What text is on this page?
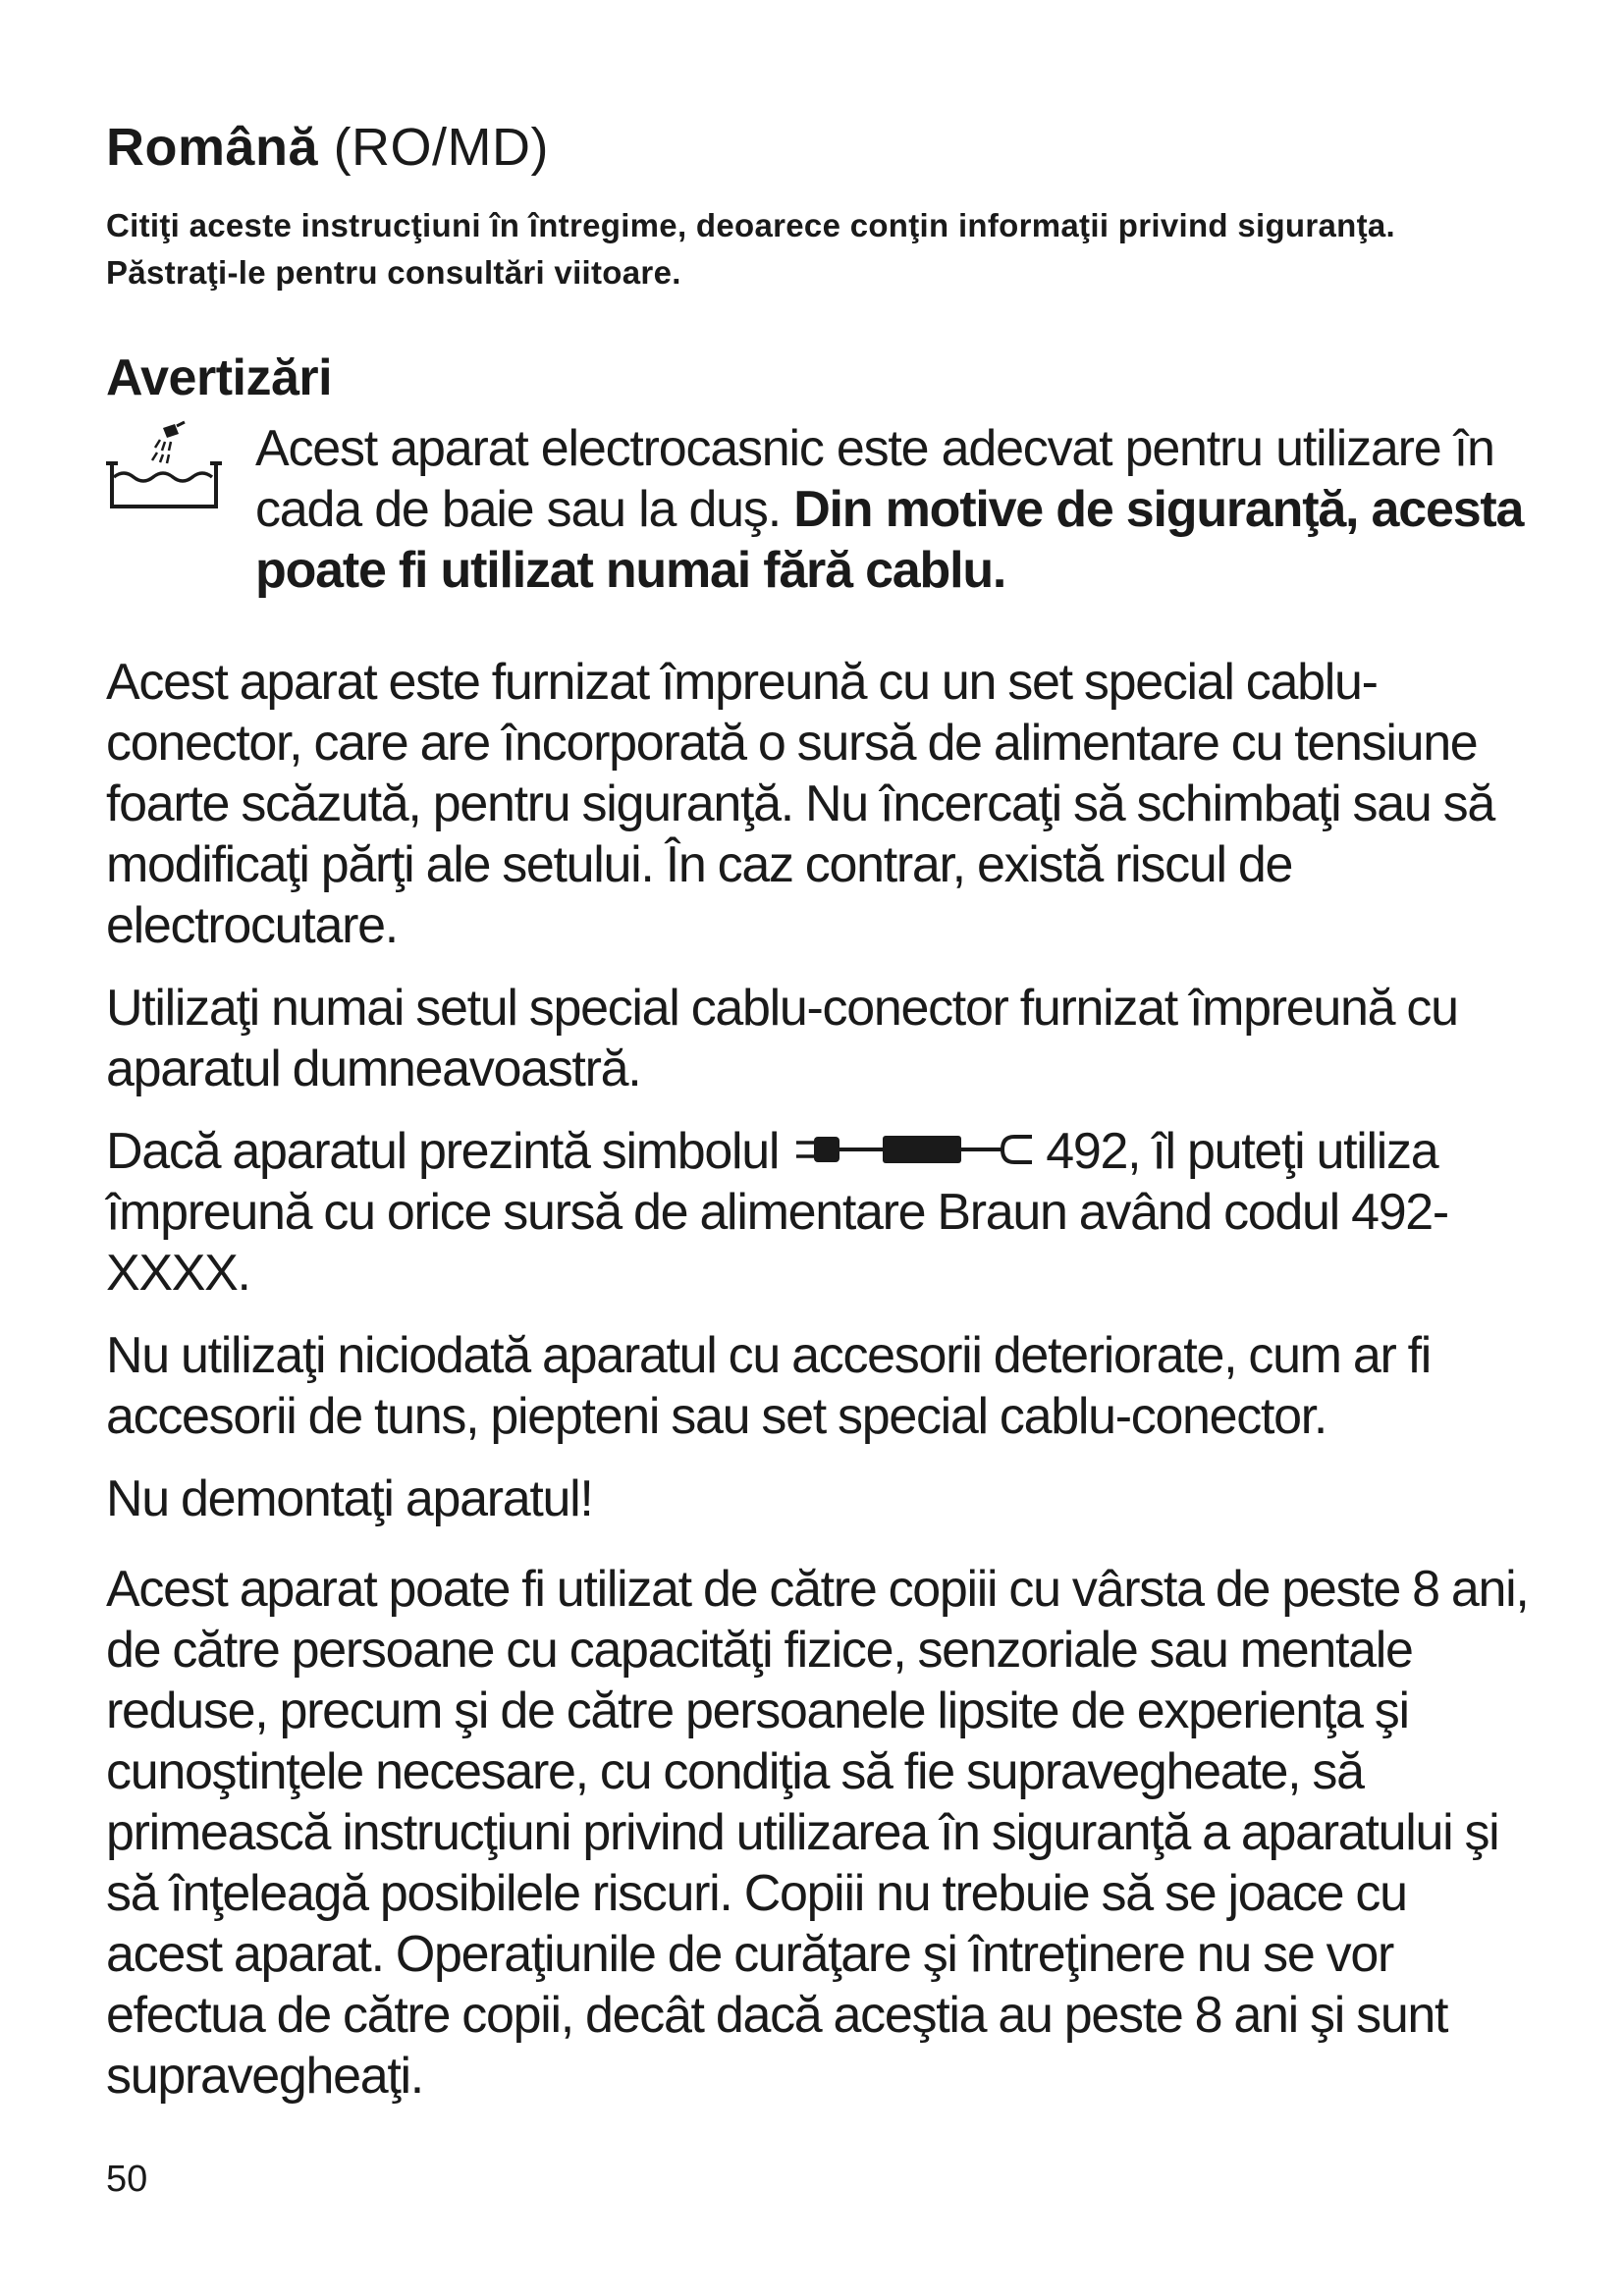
Română (RO/MD)

Citiţi aceste instrucţiuni în întregime, deoarece conţin informaţii privind siguranţa. Păstraţi-le pentru consultări viitoare.

Avertizări

Acest aparat electrocasnic este adecvat pentru utilizare în cada de baie sau la duş. Din motive de siguranţă, acesta poate fi utilizat numai fără cablu.

Acest aparat este furnizat împreună cu un set special cablu-conector, care are încorporată o sursă de alimentare cu tensiune foarte scăzută, pentru siguranţă. Nu încercaţi să schimbaţi sau să modificaţi părţi ale setului. În caz contrar, există riscul de electrocutare.

Utilizaţi numai setul special cablu-conector furnizat împreună cu aparatul dumneavoastră.

Dacă aparatul prezintă simbolul	492, îl puteţi utiliza împreună cu orice sursă de alimentare Braun având codul 492-XXXX.

Nu utilizaţi niciodată aparatul cu accesorii deteriorate, cum ar fi accesorii de tuns, piepteni sau set special cablu-conector.

Nu demontaţi aparatul!

Acest aparat poate fi utilizat de către copiii cu vârsta de peste 8 ani, de către persoane cu capacităţi fizice, senzoriale sau mentale reduse, precum şi de către persoanele lipsite de experienţa şi cunoştinţele necesare, cu condiţia să fie supravegheate, să primească instrucţiuni privind utilizarea în siguranţă a aparatului şi să înţeleagă posibilele riscuri. Copiii nu trebuie să se joace cu acest aparat. Operaţiunile de curăţare şi întreţinere nu se vor efectua de către copii, decât dacă aceştia au peste 8 ani şi sunt supravegheaţi.

50
